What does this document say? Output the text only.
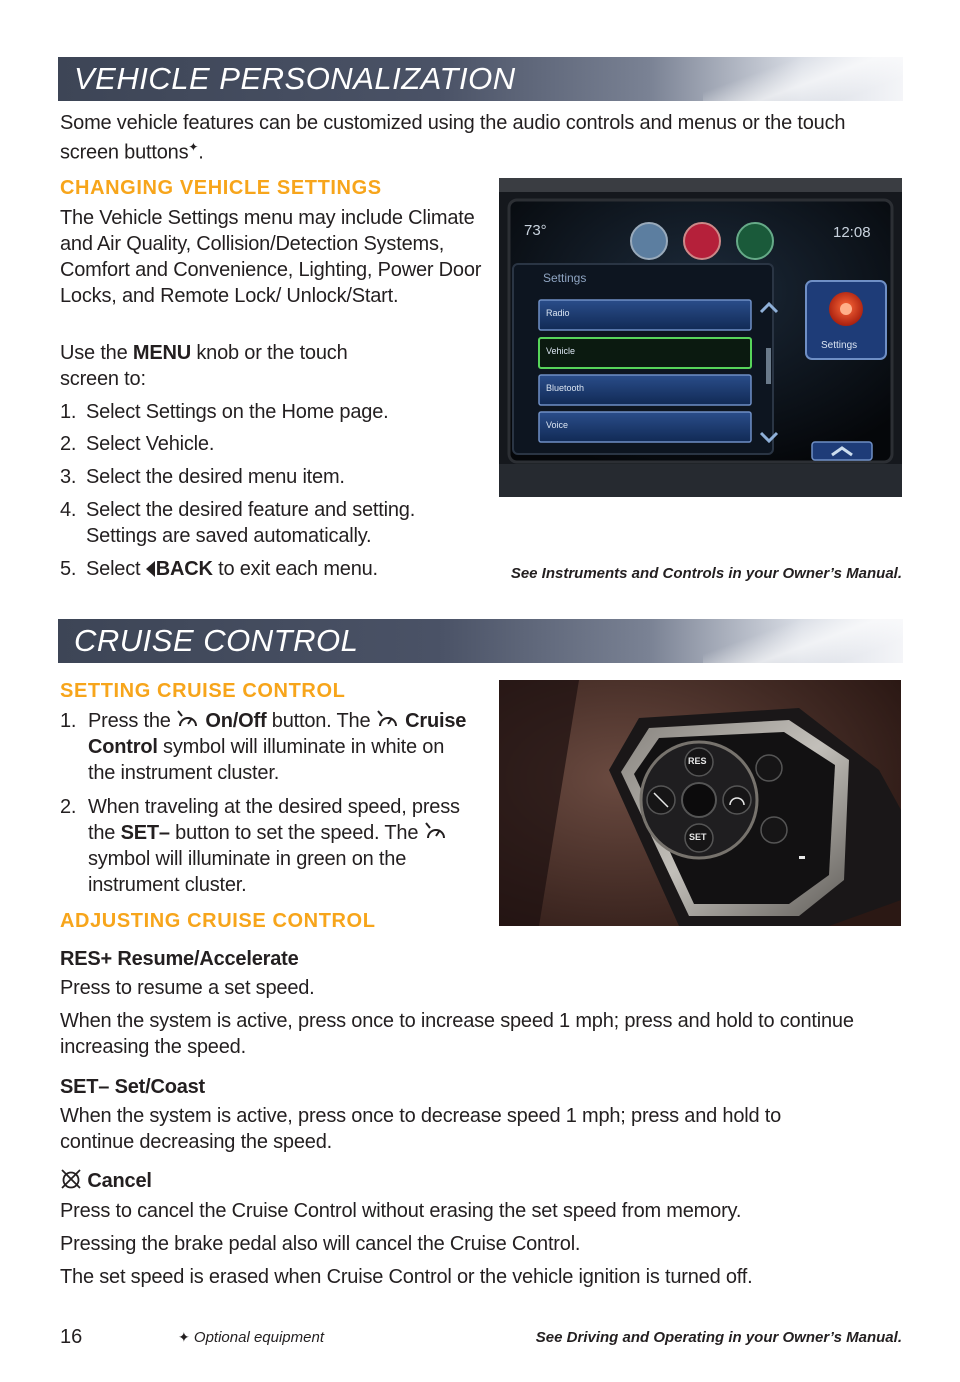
VEHICLE PERSONALIZATION
Some vehicle features can be customized using the audio controls and menus or the touch screen buttons✦.
CHANGING VEHICLE SETTINGS
The Vehicle Settings menu may include Climate and Air Quality, Collision/Detection Systems, Comfort and Convenience, Lighting, Power Door Locks, and Remote Lock/ Unlock/Start.
Use the MENU knob or the touch screen to:
1. Select Settings on the Home page.
2. Select Vehicle.
3. Select the desired menu item.
4. Select the desired feature and setting. Settings are saved automatically.
5. Select BACK to exit each menu.
73°	12:08
Settings
Radio
Vehicle
Bluetooth
Voice
Settings
See Instruments and Controls in your Owner’s Manual.
CRUISE CONTROL
SETTING CRUISE CONTROL
1. Press the  On/Off button. The  Cruise Control symbol will illuminate in white on the instrument cluster.
2. When traveling at the desired speed, press the SET– button to set the speed. The  symbol will illuminate in green on the instrument cluster.
RES
SET
ADJUSTING CRUISE CONTROL
RES+ Resume/Accelerate
Press to resume a set speed.
When the system is active, press once to increase speed 1 mph; press and hold to continue increasing the speed.
SET– Set/Coast
When the system is active, press once to decrease speed 1 mph; press and hold to continue decreasing the speed.
Cancel
Press to cancel the Cruise Control without erasing the set speed from memory.
Pressing the brake pedal also will cancel the Cruise Control.
The set speed is erased when Cruise Control or the vehicle ignition is turned off.
16	✦ Optional equipment	See Driving and Operating in your Owner’s Manual.
